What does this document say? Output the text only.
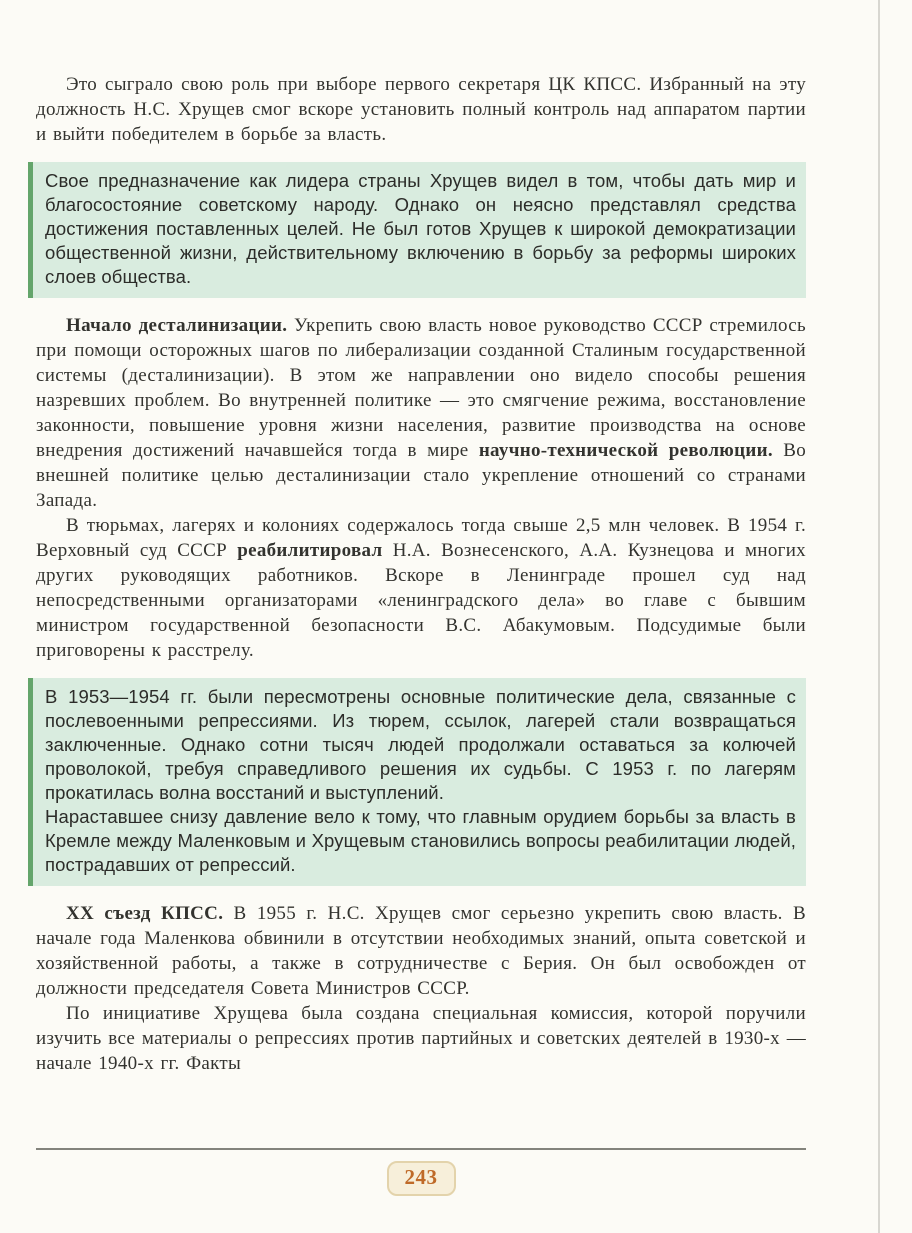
Это сыграло свою роль при выборе первого секретаря ЦК КПСС. Избранный на эту должность Н.С. Хрущев смог вскоре установить полный контроль над аппаратом партии и выйти победителем в борьбе за власть.

Свое предназначение как лидера страны Хрущев видел в том, чтобы дать мир и благосостояние советскому народу. Однако он неясно представлял средства достижения поставленных целей. Не был готов Хрущев к широкой демократизации общественной жизни, действительному включению в борьбу за реформы широких слоев общества.

Начало десталинизации. Укрепить свою власть новое руководство СССР стремилось при помощи осторожных шагов по либерализации созданной Сталиным государственной системы (десталинизации). В этом же направлении оно видело способы решения назревших проблем. Во внутренней политике — это смягчение режима, восстановление законности, повышение уровня жизни населения, развитие производства на основе внедрения достижений начавшейся тогда в мире научно-технической революции. Во внешней политике целью десталинизации стало укрепление отношений со странами Запада.

В тюрьмах, лагерях и колониях содержалось тогда свыше 2,5 млн человек. В 1954 г. Верховный суд СССР реабилитировал Н.А. Вознесенского, А.А. Кузнецова и многих других руководящих работников. Вскоре в Ленинграде прошел суд над непосредственными организаторами «ленинградского дела» во главе с бывшим министром государственной безопасности В.С. Абакумовым. Подсудимые были приговорены к расстрелу.

В 1953—1954 гг. были пересмотрены основные политические дела, связанные с послевоенными репрессиями. Из тюрем, ссылок, лагерей стали возвращаться заключенные. Однако сотни тысяч людей продолжали оставаться за колючей проволокой, требуя справедливого решения их судьбы. С 1953 г. по лагерям прокатилась волна восстаний и выступлений.

Нараставшее снизу давление вело к тому, что главным орудием борьбы за власть в Кремле между Маленковым и Хрущевым становились вопросы реабилитации людей, пострадавших от репрессий.

XX съезд КПСС. В 1955 г. Н.С. Хрущев смог серьезно укрепить свою власть. В начале года Маленкова обвинили в отсутствии необходимых знаний, опыта советской и хозяйственной работы, а также в сотрудничестве с Берия. Он был освобожден от должности председателя Совета Министров СССР.

По инициативе Хрущева была создана специальная комиссия, которой поручили изучить все материалы о репрессиях против партийных и советских деятелей в 1930-х — начале 1940-х гг. Факты

243
